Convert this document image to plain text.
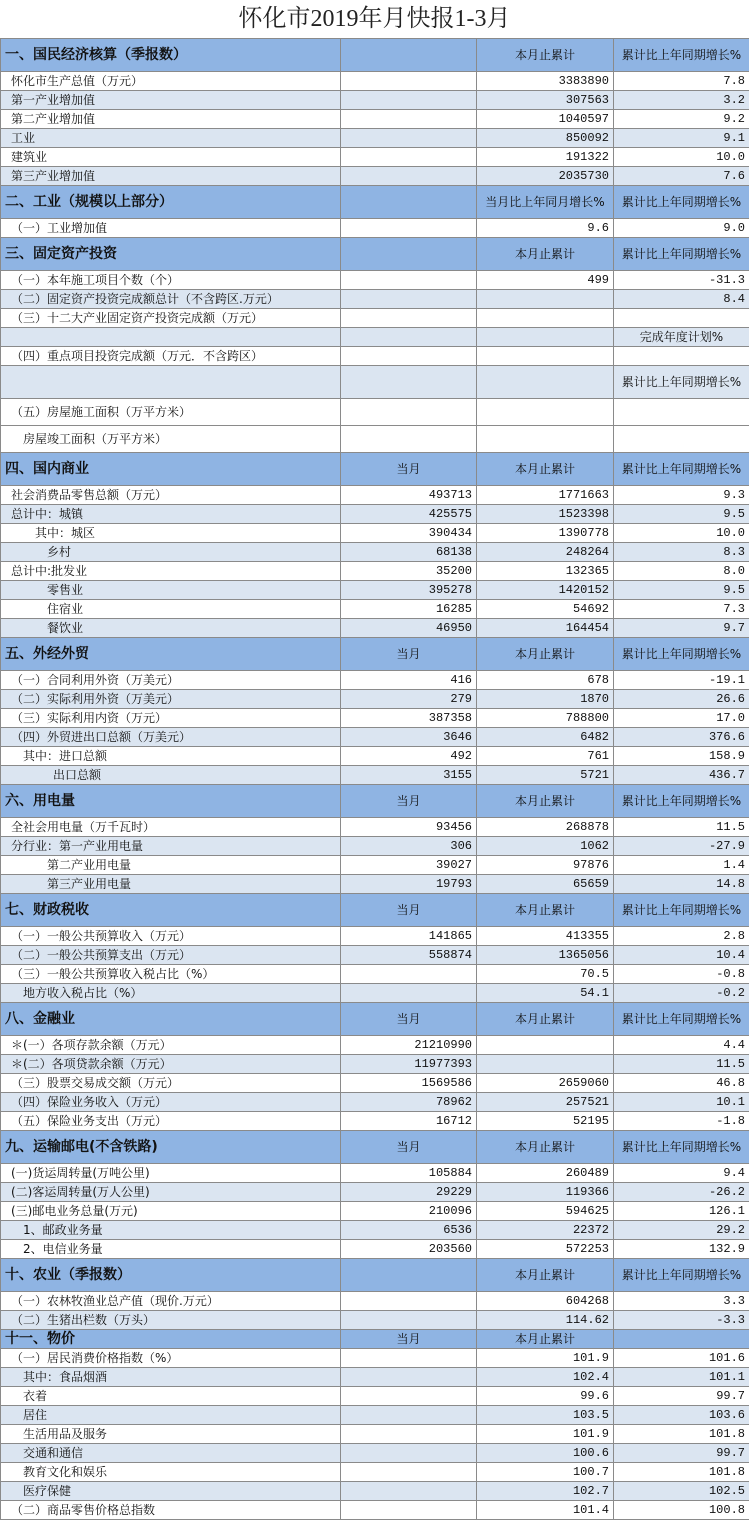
怀化市2019年月快报1-3月
一、国民经济核算（季报数）		本月止累计	累计比上年同期增长%
怀化市生产总值（万元）		3383890	7.8
第一产业增加值		307563	3.2
第二产业增加值		1040597	9.2
工业		850092	9.1
建筑业		191322	10.0
第三产业增加值		2035730	7.6
二、工业（规模以上部分）		当月比上年同月增长%	累计比上年同期增长%
（一）工业增加值		9.6	9.0
三、固定资产投资		本月止累计	累计比上年同期增长%
（一）本年施工项目个数（个）		499	-31.3
（二）固定资产投资完成额总计（不含跨区.万元）			8.4
（三）十二大产业固定资产投资完成额（万元）			
			完成年度计划%
（四）重点项目投资完成额（万元．不含跨区）			
			累计比上年同期增长%
（五）房屋施工面积（万平方米）			
房屋竣工面积（万平方米）			
四、国内商业	当月	本月止累计	累计比上年同期增长%
社会消费品零售总额（万元）	493713	1771663	9.3
总计中：城镇	425575	1523398	9.5
其中：城区	390434	1390778	10.0
乡村	68138	248264	8.3
总计中:批发业	35200	132365	8.0
零售业	395278	1420152	9.5
住宿业	16285	54692	7.3
餐饮业	46950	164454	9.7
五、外经外贸	当月	本月止累计	累计比上年同期增长%
（一）合同利用外资（万美元）	416	678	-19.1
（二）实际利用外资（万美元）	279	1870	26.6
（三）实际利用内资（万元）	387358	788800	17.0
（四）外贸进出口总额（万美元）	3646	6482	376.6
其中：进口总额	492	761	158.9
出口总额	3155	5721	436.7
六、用电量	当月	本月止累计	累计比上年同期增长%
全社会用电量（万千瓦时）	93456	268878	11.5
分行业：第一产业用电量	306	1062	-27.9
第二产业用电量	39027	97876	1.4
第三产业用电量	19793	65659	14.8
七、财政税收	当月	本月止累计	累计比上年同期增长%
（一）一般公共预算收入（万元）	141865	413355	2.8
（二）一般公共预算支出（万元）	558874	1365056	10.4
（三）一般公共预算收入税占比（%）		70.5	-0.8
地方收入税占比（%）		54.1	-0.2
八、金融业	当月	本月止累计	累计比上年同期增长%
＊(一）各项存款余额（万元）	21210990		4.4
＊(二）各项贷款余额（万元）	11977393		11.5
（三）股票交易成交额（万元）	1569586	2659060	46.8
（四）保险业务收入（万元）	78962	257521	10.1
（五）保险业务支出（万元）	16712	52195	-1.8
九、运输邮电(不含铁路)	当月	本月止累计	累计比上年同期增长%
(一)货运周转量(万吨公里)	105884	260489	9.4
(二)客运周转量(万人公里)	29229	119366	-26.2
(三)邮电业务总量(万元)	210096	594625	126.1
1、邮政业务量	6536	22372	29.2
2、电信业务量	203560	572253	132.9
十、农业（季报数）		本月止累计	累计比上年同期增长%
（一）农林牧渔业总产值（现价.万元）		604268	3.3
（二）生猪出栏数（万头）		114.62	-3.3
十一、物价	当月	本月止累计	
（一）居民消费价格指数（%）		101.9	101.6
其中：食品烟酒		102.4	101.1
衣着		99.6	99.7
居住		103.5	103.6
生活用品及服务		101.9	101.8
交通和通信		100.6	99.7
教育文化和娱乐		100.7	101.8
医疗保健		102.7	102.5
（二）商品零售价格总指数		101.4	100.8
